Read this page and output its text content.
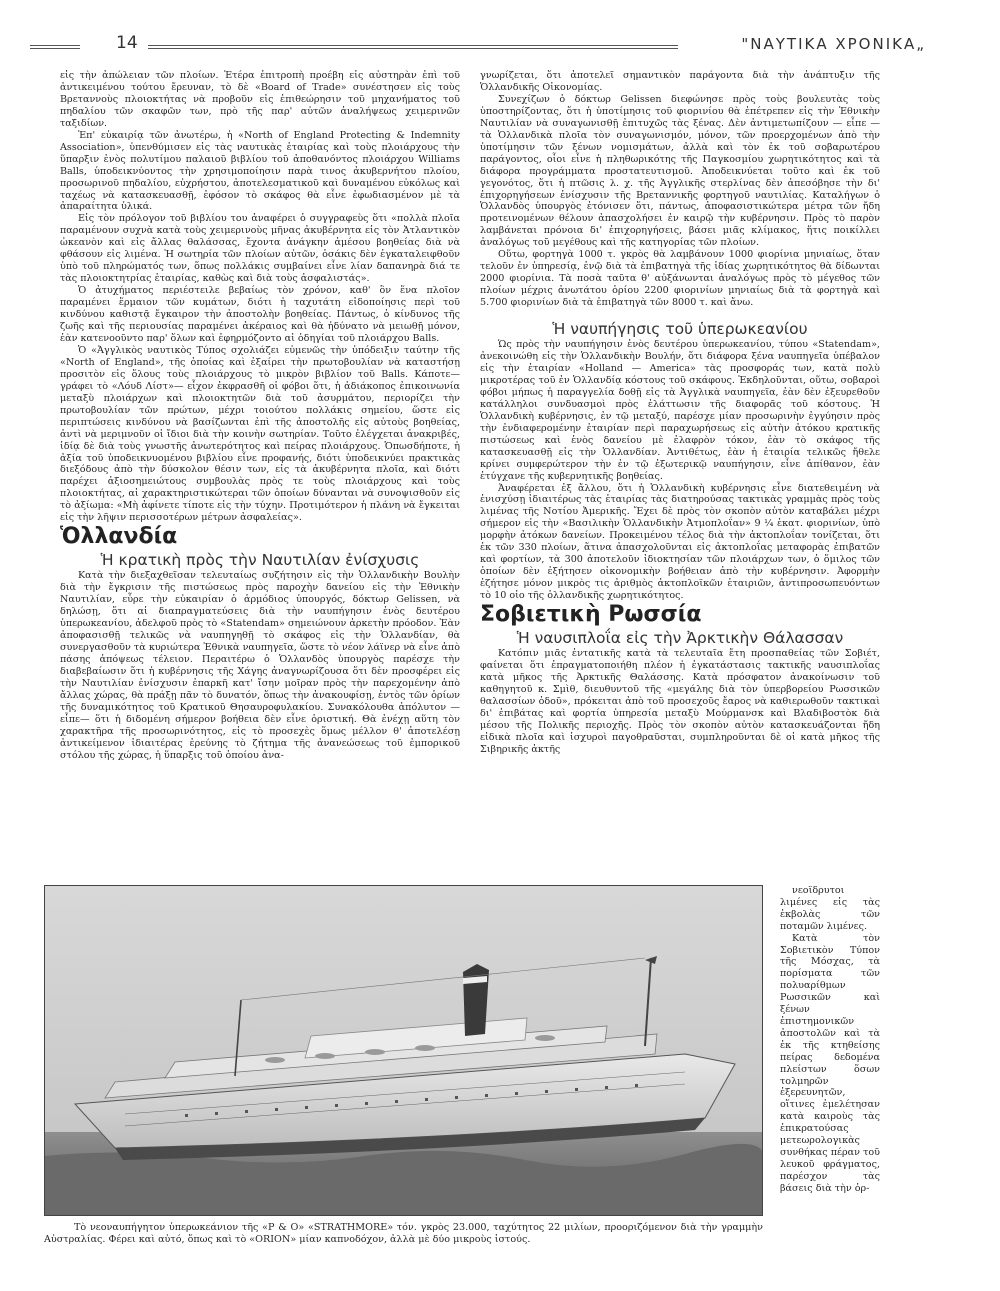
14	"ΝΑΥΤΙΚΑ ΧΡΟΝΙΚΑ„

εἰς τὴν ἀπώλειαν τῶν πλοίων. Ἑτέρα ἐπιτροπὴ προέβη εἰς αὐστηρὰν ἐπὶ τοῦ ἀντικειμένου τούτου ἔρευναν, τὸ δὲ «Board of Trade» συνέστησεν εἰς τοὺς Βρεταννοὺς πλοιοκτήτας νὰ προβοῦν εἰς ἐπιθεώρησιν τοῦ μηχανήματος τοῦ πηδαλίου τῶν σκαφῶν των, πρὸ τῆς παρ' αὐτῶν ἀναλήψεως χειμερινῶν ταξιδίων.

Ἐπ' εὐκαιρίᾳ τῶν ἀνωτέρω, ἡ «North of England Protecting & Indemnity Association», ὑπενθύμισεν εἰς τὰς ναυτικὰς ἑταιρίας καὶ τοὺς πλοιάρχους τὴν ὕπαρξιν ἑνὸς πολυτίμου παλαιοῦ βιβλίου τοῦ ἀποθανόντος πλοιάρχου Williams Balls, ὑποδεικνύοντος τὴν χρησιμοποίησιν παρὰ τινος ἀκυβερνήτου πλοίου, προσωρινοῦ πηδαλίου, εὐχρήστου, ἀποτελεσματικοῦ καὶ δυναμένου εὐκόλως καὶ ταχέως νὰ κατασκευασθῇ, ἐφόσον τὸ σκάφος θὰ εἶνε ἐφωδιασμένον μὲ τὰ ἀπαραίτητα ὑλικά.

Εἰς τὸν πρόλογον τοῦ βιβλίου του ἀναφέρει ὁ συγγραφεὺς ὅτι «πολλὰ πλοῖα παραμένουν συχνὰ κατὰ τοὺς χειμερινοὺς μῆνας ἀκυβέρνητα εἰς τὸν Ἀτλαντικὸν ὠκεανὸν καὶ εἰς ἄλλας θαλάσσας, ἔχοντα ἀνάγκην ἀμέσου βοηθείας διὰ νὰ φθάσουν εἰς λιμένα. Ἡ σωτηρία τῶν πλοίων αὐτῶν, ὁσάκις δὲν ἐγκαταλειφθοῦν ὑπὸ τοῦ πληρώματός των, ὅπως πολλάκις συμβαίνει εἶνε λίαν δαπανηρὰ διά τε τὰς πλοιοκτητρίας ἑταιρίας, καθὼς καὶ διὰ τοὺς ἀσφαλιστάς».

Ὁ ἀτυχήματος περιέστειλε βεβαίως τὸν χρόνον, καθ' ὃν ἕνα πλοῖον παραμένει ἕρμαιον τῶν κυμάτων, διότι ἡ ταχυτάτη εἰδοποίησις περὶ τοῦ κινδύνου καθιστᾷ ἔγκαιρον τὴν ἀποστολὴν βοηθείας. Πάντως, ὁ κίνδυνος τῆς ζωῆς καὶ τῆς περιουσίας παραμένει ἀκέραιος καὶ θὰ ἠδύνατο νὰ μειωθῇ μόνον, ἐὰν κατενοοῦντο παρ' ὅλων καὶ ἐφηρμόζοντο αἱ ὁδηγίαι τοῦ πλοιάρχου Balls.

Ὁ «Ἀγγλικὸς ναυτικὸς Τύπος σχολιάζει εὐμενῶς τὴν ὑπόδειξιν ταύτην τῆς «North of England», τῆς ὁποίας καὶ ἐξαίρει τὴν πρωτοβουλίαν νὰ καταστήσῃ προσιτὸν εἰς ὅλους τοὺς πλοιάρχους τὸ μικρὸν βιβλίον τοῦ Balls. Κάποτε—γράφει τὸ «Λόυδ Λίστ»— εἶχον ἐκφρασθῆ οἱ φόβοι ὅτι, ἡ ἀδιάκοπος ἐπικοινωνία μεταξὺ πλοιάρχων καὶ πλοιοκτητῶν διὰ τοῦ ἀσυρμάτου, περιορίζει τὴν πρωτοβουλίαν τῶν πρώτων, μέχρι τοιούτου πολλάκις σημείου, ὥστε εἰς περιπτώσεις κινδύνου νὰ βασίζωνται ἐπὶ τῆς ἀποστολῆς εἰς αὐτοὺς βοηθείας, ἀντὶ νὰ μεριμνοῦν οἱ ἴδιοι διὰ τὴν κοινὴν σωτηρίαν. Τοῦτο ἐλέγχεται ἀνακριβές, ἰδίᾳ δὲ διὰ τοὺς γνωστῆς ἀνωτερότητος καὶ πείρας πλοιάρχους. Ὁπωσδήποτε, ἡ ἀξία τοῦ ὑποδεικνυομένου βιβλίου εἶνε προφανής, διότι ὑποδεικνύει πρακτικὰς διεξόδους ἀπὸ τὴν δύσκολον θέσιν των, εἰς τὰ ἀκυβέρνητα πλοῖα, καὶ διότι παρέχει ἀξιοσημειώτους συμβουλὰς πρὸς τε τοὺς πλοιάρχους καὶ τοὺς πλοιοκτήτας, αἱ χαρακτηριστικώτεραι τῶν ὁποίων δύνανται νὰ συνοψισθοῦν εἰς τὸ ἀξίωμα: «Μὴ ἀφίνετε τίποτε εἰς τὴν τύχην. Προτιμότερον ἡ πλάνη νὰ ἔγκειται εἰς τὴν λῆψιν περισσοτέρων μέτρων ἀσφαλείας».

Ὁλλανδία

Ἡ κρατικὴ πρὸς τὴν Ναυτιλίαν ἐνίσχυσις

Κατὰ τὴν διεξαχθεῖσαν τελευταίως συζήτησιν εἰς τὴν Ὁλλανδικὴν Βουλὴν διὰ τὴν ἔγκρισιν τῆς πιστώσεως πρὸς παροχὴν δανείου εἰς τὴν Ἑθνικὴν Ναυτιλίαν, εὗρε τὴν εὐκαιρίαν ὁ ἁρμόδιος ὑπουργός, δόκτωρ Gelissen, νὰ δηλώσῃ, ὅτι αἱ διαπραγματεύσεις διὰ τὴν ναυπήγησιν ἑνὸς δευτέρου ὑπερωκεανίου, ἀδελφοῦ πρὸς τὸ «Statendam» σημειώνουν ἀρκετὴν πρόοδον. Ἐὰν ἀποφασισθῇ τελικῶς νὰ ναυπηγηθῇ τὸ σκάφος εἰς τὴν Ὁλλανδίαν, θὰ συνεργασθοῦν τὰ κυριώτερα Ἐθνικὰ ναυπηγεῖα, ὥστε τὸ νέον λάϊνερ νὰ εἶνε ἀπὸ πάσης ἀπόψεως τέλειον. Περαιτέρω ὁ Ὁλλανδὸς ὑπουργὸς παρέσχε τὴν διαβεβαίωσιν ὅτι ἡ κυβέρνησις τῆς Χάγης ἀναγνωρίζουσα ὅτι δὲν προσφέρει εἰς τὴν Ναυτιλίαν ἐνίσχυσιν ἐπαρκῆ κατ' ἴσην μοῖραν πρὸς τὴν παρεχομένην ἀπὸ ἄλλας χώρας, θὰ πράξῃ πᾶν τὸ δυνατόν, ὅπως τὴν ἀνακουφίσῃ, ἐντὸς τῶν ὁρίων τῆς δυναμικότητος τοῦ Κρατικοῦ Θησαυροφυλακίου. Συνακόλουθα ἀπόλυτον — εἶπε— ὅτι ἡ διδομένη σήμερον βοήθεια δὲν εἶνε ὁριστική. Θὰ ἐνέχῃ αὕτη τὸν χαρακτῆρα τῆς προσωρινότητος, εἰς τὸ προσεχὲς ὅμως μέλλον θ' ἀποτελέσῃ ἀντικείμενον ἰδιαιτέρας ἐρεύνης τὸ ζήτημα τῆς ἀνανεώσεως τοῦ ἐμπορικοῦ στόλου τῆς χώρας, ἡ ὕπαρξις τοῦ ὁποίου ἀνα-

γνωρίζεται, ὅτι ἀποτελεῖ σημαντικὸν παράγοντα διὰ τὴν ἀνάπτυξιν τῆς Ὁλλανδικῆς Οἰκονομίας.

Συνεχίζων ὁ δόκτωρ Gelissen διεφώνησε πρὸς τοὺς βουλευτὰς τοὺς ὑποστηρίζοντας, ὅτι ἡ ὑποτίμησις τοῦ φιορινίου θὰ ἐπέτρεπεν εἰς τὴν Ἐθνικὴν Ναυτιλίαν νὰ συναγωνισθῇ ἐπιτυχῶς τὰς ξένας. Δὲν ἀντιμετωπίζουν — εἶπε — τὰ Ὁλλανδικὰ πλοῖα τὸν συναγωνισμόν, μόνον, τῶν προερχομένων ἀπὸ τὴν ὑποτίμησιν τῶν ξένων νομισμάτων, ἀλλὰ καὶ τὸν ἐκ τοῦ σοβαρωτέρου παράγοντος, οἷοι εἶνε ἡ πληθωρικότης τῆς Παγκοσμίου χωρητικότητος καὶ τὰ διάφορα προγράμματα προστατευτισμοῦ. Ἀποδεικνύεται τοῦτο καὶ ἐκ τοῦ γεγονότος, ὅτι ἡ πτῶσις λ. χ. τῆς Ἀγγλικῆς στερλίνας δὲν ἀπεσόβησε τὴν δι' ἐπιχορηγήσεων ἐνίσχυσιν τῆς Βρεταννικῆς φορτηγοῦ ναυτιλίας. Καταλήγων ὁ Ὁλλανδὸς ὑπουργὸς ἐτόνισεν ὅτι, πάντως, ἀποφασιστικώτερα μέτρα τῶν ἤδη προτεινομένων θέλουν ἀπασχολήσει ἐν καιρῷ τὴν κυβέρνησιν. Πρὸς τὸ παρὸν λαμβάνεται πρόνοια δι' ἐπιχορηγήσεις, βάσει μιᾶς κλίμακος, ἥτις ποικίλλει ἀναλόγως τοῦ μεγέθους καὶ τῆς κατηγορίας τῶν πλοίων.

Οὕτω, φορτηγὰ 1000 τ. γκρὸς θὰ λαμβάνουν 1000 φιορίνια μηνιαίως, ὅταν τελοῦν ἐν ὑπηρεσίᾳ, ἐνῷ διὰ τὰ ἐπιβατηγὰ τῆς ἰδίας χωρητικότητος θὰ δίδωνται 2000 φιορίνια. Τὰ ποσὰ ταῦτα θ' αὐξάνωνται ἀναλόγως πρὸς τὸ μέγεθος τῶν πλοίων μέχρις ἀνωτάτου ὁρίου 2200 φιορινίων μηνιαίως διὰ τὰ φορτηγὰ καὶ 5.700 φιορινίων διὰ τὰ ἐπιβατηγὰ τῶν 8000 τ. καὶ ἄνω.

Ἡ ναυπήγησις τοῦ ὑπερωκεανίου

Ὡς πρὸς τὴν ναυπήγησιν ἑνὸς δευτέρου ὑπερωκεανίου, τύπου «Statendam», ἀνεκοινώθη εἰς τὴν Ὁλλανδικὴν Βουλήν, ὅτι διάφορα ξένα ναυπηγεῖα ὑπέβαλον εἰς τὴν ἑταιρίαν «Holland — America» τὰς προσφοράς των, κατὰ πολὺ μικροτέρας τοῦ ἐν Ὁλλανδίᾳ κόστους τοῦ σκάφους. Ἐκδηλοῦνται, οὕτω, σοβαροὶ φόβοι μήπως ἡ παραγγελία δοθῇ εἰς τὰ Ἀγγλικὰ ναυπηγεῖα, ἐὰν δὲν ἐξευρεθοῦν κατάλληλοι συνδυασμοὶ πρὸς ἐλάττωσιν τῆς διαφορᾶς τοῦ κόστους. Ἡ Ὁλλανδικὴ κυβέρνησις, ἐν τῷ μεταξύ, παρέσχε μίαν προσωρινὴν ἐγγύησιν πρὸς τὴν ἐνδιαφερομένην ἑταιρίαν περὶ παραχωρήσεως εἰς αὐτὴν ἀτόκου κρατικῆς πιστώσεως καὶ ἑνὸς δανείου μὲ ἐλαφρὸν τόκον, ἐὰν τὸ σκάφος τῆς κατασκευασθῇ εἰς τὴν Ὁλλανδίαν. Ἀντιθέτως, ἐὰν ἡ ἑταιρία τελικῶς ἤθελε κρίνει συμφερώτερον τὴν ἐν τῷ ἐξωτερικῷ ναυπήγησιν, εἶνε ἀπίθανον, ἐὰν ἐτύγχανε τῆς κυβερνητικῆς βοηθείας.

Ἀναφέρεται ἐξ ἄλλου, ὅτι ἡ Ὁλλανδικὴ κυβέρνησις εἶνε διατεθειμένη νὰ ἐνισχύσῃ ἰδιαιτέρως τὰς ἑταιρίας τὰς διατηρούσας τακτικὰς γραμμὰς πρὸς τοὺς λιμένας τῆς Νοτίου Ἀμερικῆς. Ἔχει δὲ πρὸς τὸν σκοπὸν αὐτὸν καταβάλει μέχρι σήμερον εἰς τὴν «Βασιλικὴν Ὁλλανδικὴν Ἀτμοπλοΐαν» 9 ¼ ἑκατ. φιορινίων, ὑπὸ μορφὴν ἀτόκων δανείων. Προκειμένου τέλος διὰ τὴν ἀκτοπλοΐαν τονίζεται, ὅτι ἐκ τῶν 330 πλοίων, ἅτινα ἀπασχολοῦνται εἰς ἀκτοπλοΐας μεταφορὰς ἐπιβατῶν καὶ φορτίων, τὰ 300 ἀποτελοῦν ἰδιοκτησίαν τῶν πλοιάρχων των, ὁ ὅμιλος τῶν ὁποίων δὲν ἐξήτησεν οἰκονομικὴν βοήθειαν ἀπὸ τὴν κυβέρνησιν. Ἀφορμὴν ἐζήτησε μόνον μικρὸς τις ἀριθμὸς ἀκτοπλοϊκῶν ἑταιριῶν, ἀντιπροσωπευόντων τὸ 10 οἰο τῆς ὁλλανδικῆς χωρητικότητος.

Σοβιετικὴ Ρωσσία

Ἡ ναυσιπλοΐα εἰς τὴν Ἀρκτικὴν Θάλασσαν

Κατόπιν μιᾶς ἐντατικῆς κατὰ τὰ τελευταῖα ἔτη προσπαθείας τῶν Σοβιέτ, φαίνεται ὅτι ἐπραγματοποιήθη πλέον ἡ ἐγκατάστασις τακτικῆς ναυσιπλοΐας κατὰ μῆκος τῆς Ἀρκτικῆς Θαλάσσης. Κατὰ πρόσφατον ἀνακοίνωσιν τοῦ καθηγητοῦ κ. Σμὶθ, διευθυντοῦ τῆς «μεγάλης διὰ τὸν ὑπερβορείου Ρωσσικῶν θαλασσίων ὁδοῦ», πρόκειται ἀπὸ τοῦ προσεχοῦς ἔαρος νὰ καθιερωθοῦν τακτικαὶ δι' ἐπιβάτας καὶ φορτία ὑπηρεσία μεταξὺ Μούρμανσκ καὶ Βλαδιβοστὸκ διὰ μέσου τῆς Πολικῆς περιοχῆς. Πρὸς τὸν σκοπὸν αὐτὸν κατασκευάζονται ἤδη εἰδικὰ πλοῖα καὶ ἰσχυροὶ παγοθραῦσται, συμπληροῦνται δὲ οἱ κατὰ μῆκος τῆς Σιβηρικῆς ἀκτῆς

νεοϊδρυτοι λιμένες εἰς τὰς ἐκβολὰς τῶν ποταμῶν λιμένες.

Κατὰ τὸν Σοβιετικὸν Τύπον τῆς Μόσχας, τὰ πορίσματα τῶν πολυαρίθμων Ρωσσικῶν καὶ ξένων ἐπιστημονικῶν ἀποστολῶν καὶ τὰ ἐκ τῆς κτηθείσης πείρας δεδομένα πλείστων ὅσων τολμηρῶν ἐξερευνητῶν, οἵτινες ἐμελέτησαν κατὰ καιροὺς τὰς ἐπικρατούσας μετεωρολογικὰς συνθήκας πέραν τοῦ λευκοῦ φράγματος, παρέσχον τὰς βάσεις διὰ τὴν ὀρ-

Τὸ νεοναυπήγητον ὑπερωκεάνιον τῆς «P & O» «STRATHMORE» τόν. γκρὸς 23.000, ταχύτητος 22 μιλίων, προοριζόμενον διὰ τὴν γραμμὴν Αὐστραλίας. Φέρει καὶ αὐτό, ὅπως καὶ τὸ «ORION» μίαν καπνοδόχον, ἀλλὰ μὲ δύο μικροὺς ἱστούς.
